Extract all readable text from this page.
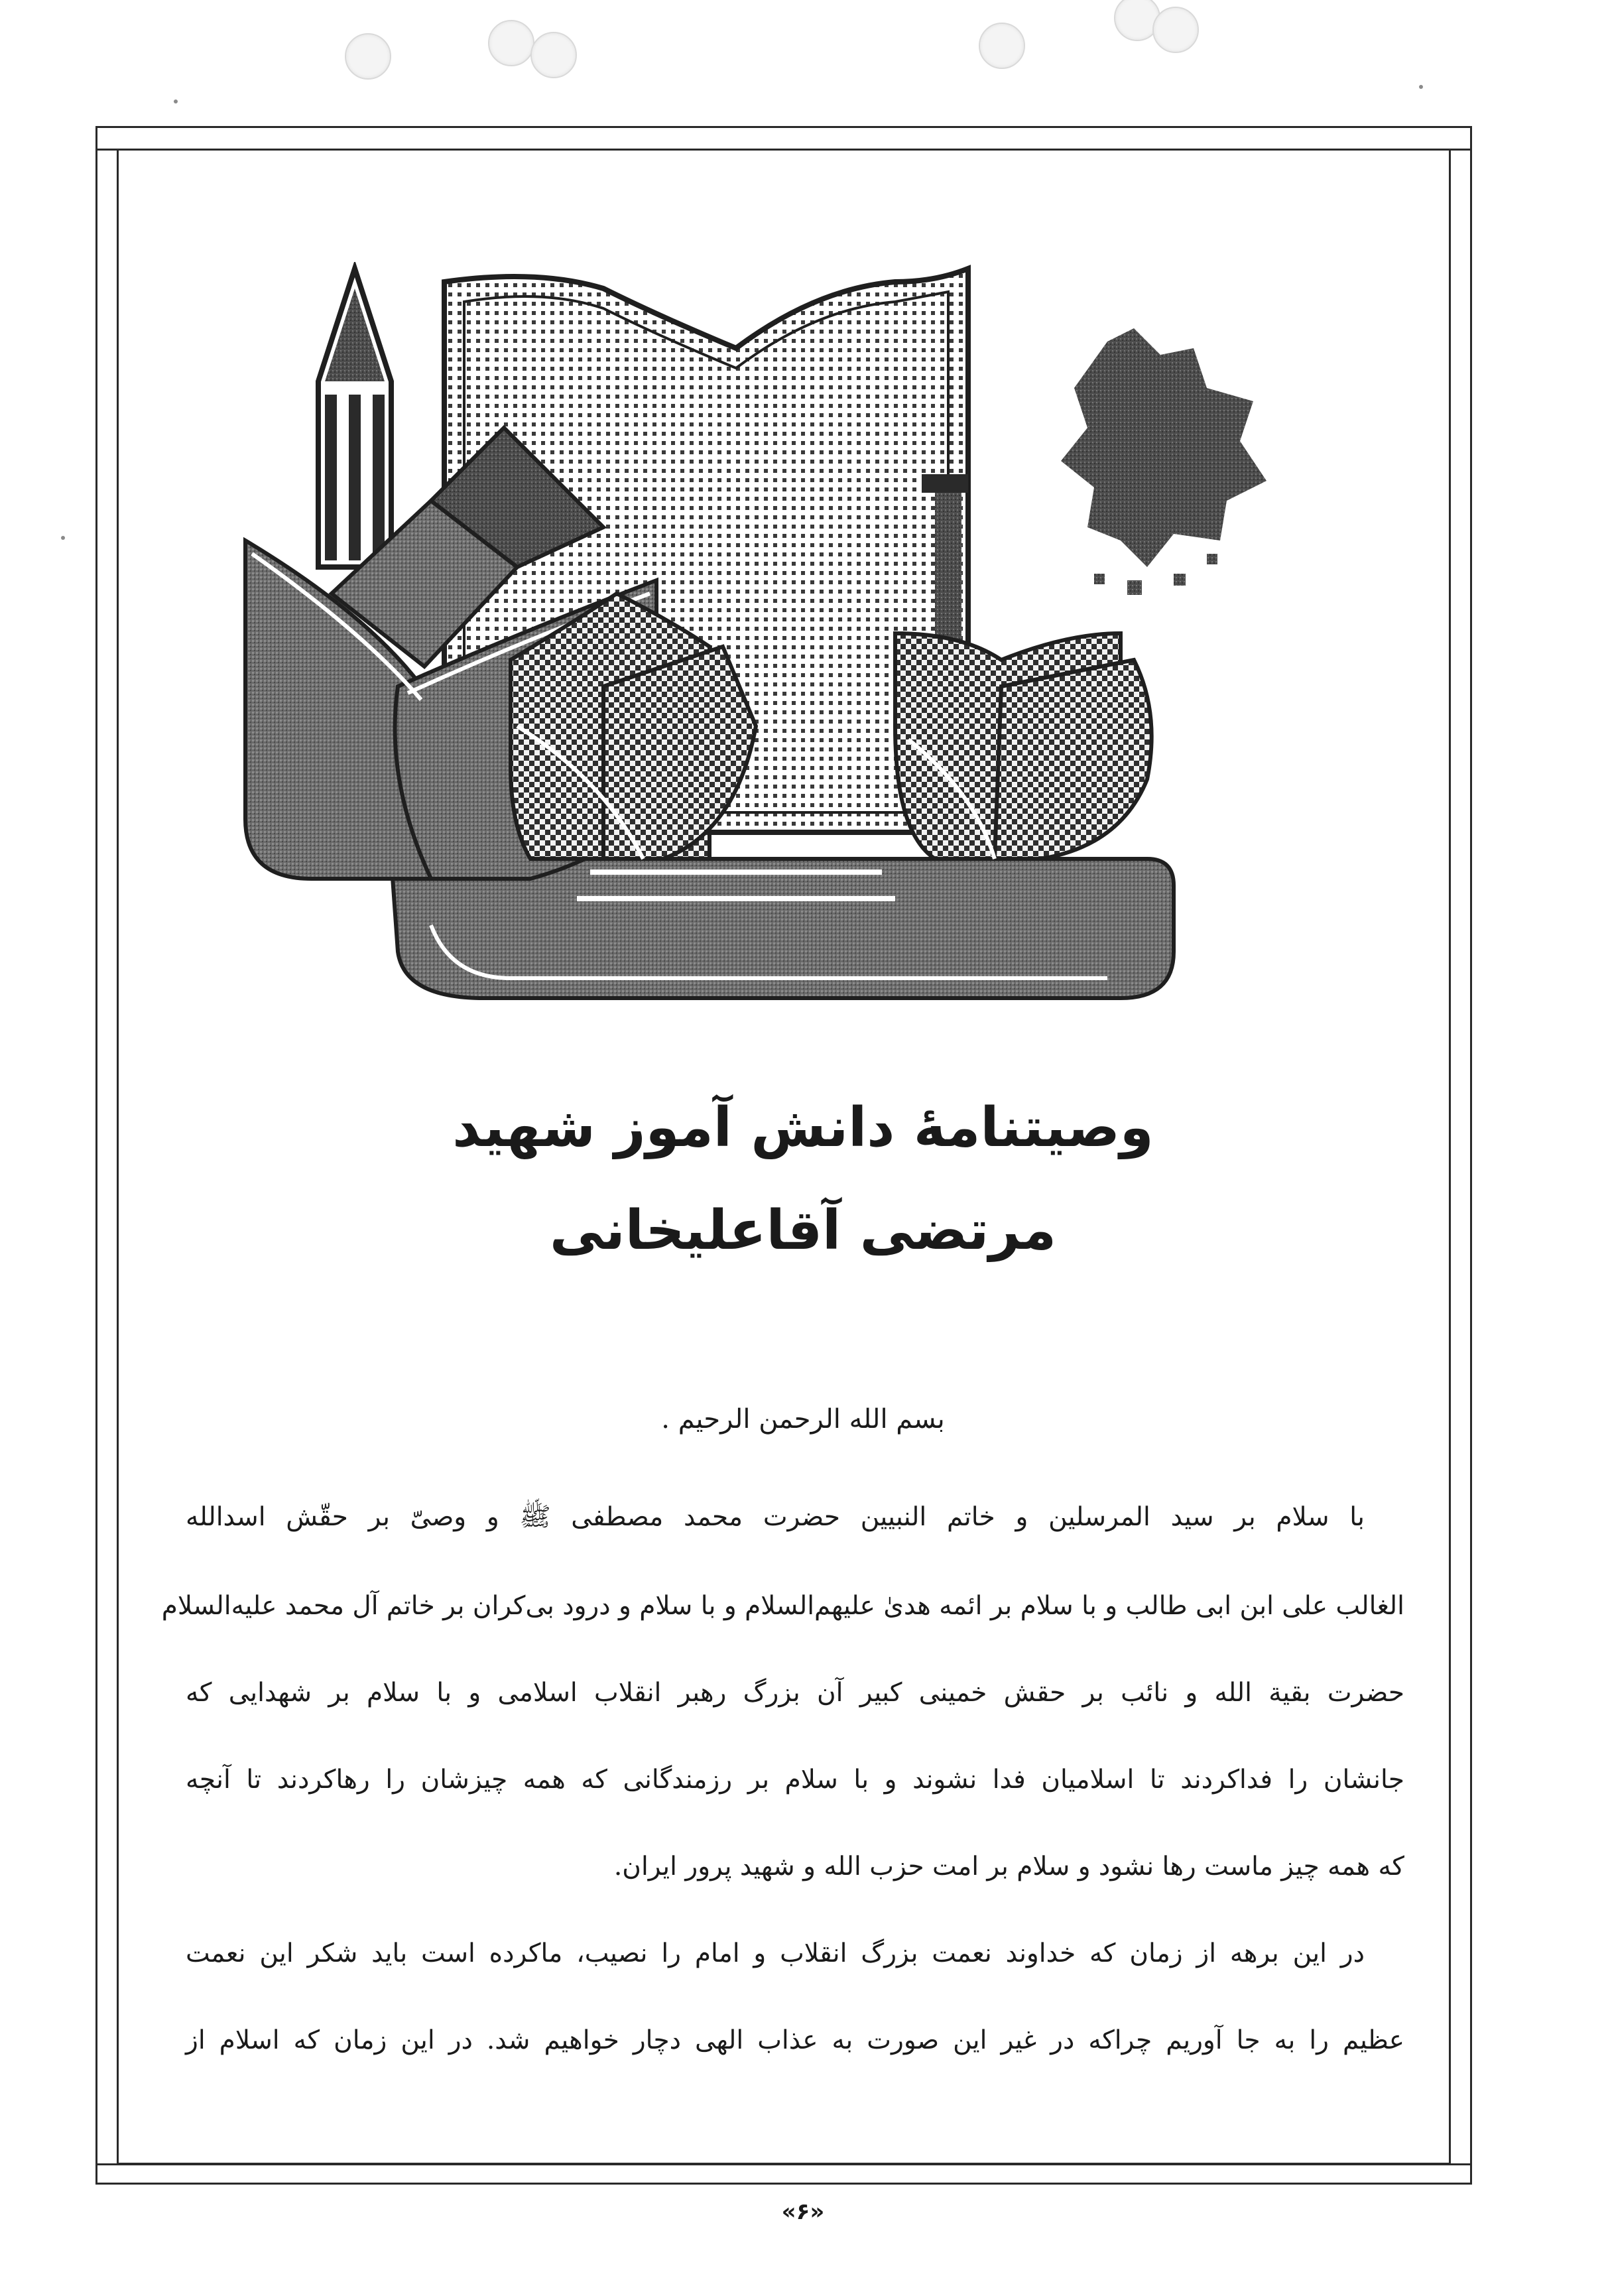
وصیتنامهٔ دانش آموز شهید
مرتضی آقاعلیخانی
بسم الله الرحمن الرحیم .
با سلام بر سید المرسلین و خاتم النبیین حضرت محمد مصطفی ﷺ و وصیّ بر حقّش اسدالله
الغالب علی ابن ابی طالب و با سلام بر ائمه هدیٰ علیهم‌السلام و با سلام و درود بی‌کران بر خاتم آل محمد علیه‌السلام
حضرت بقیة الله و نائب بر حقش خمینی کبیر آن بزرگ رهبر انقلاب اسلامی و با سلام بر شهدایی که
جانشان را فداکردند تا اسلامیان فدا نشوند و با سلام بر رزمندگانی که همه چیزشان را رهاکردند تا آنچه
که همه چیز ماست رها نشود و سلام بر امت حزب الله و شهید پرور ایران.
در این برهه از زمان که خداوند نعمت بزرگ انقلاب و امام را نصیب، ماکرده است باید شکر این نعمت
عظیم را به جا آوریم چراکه در غیر این صورت به عذاب الهی دچار خواهیم شد. در این زمان که اسلام از
«۶»
